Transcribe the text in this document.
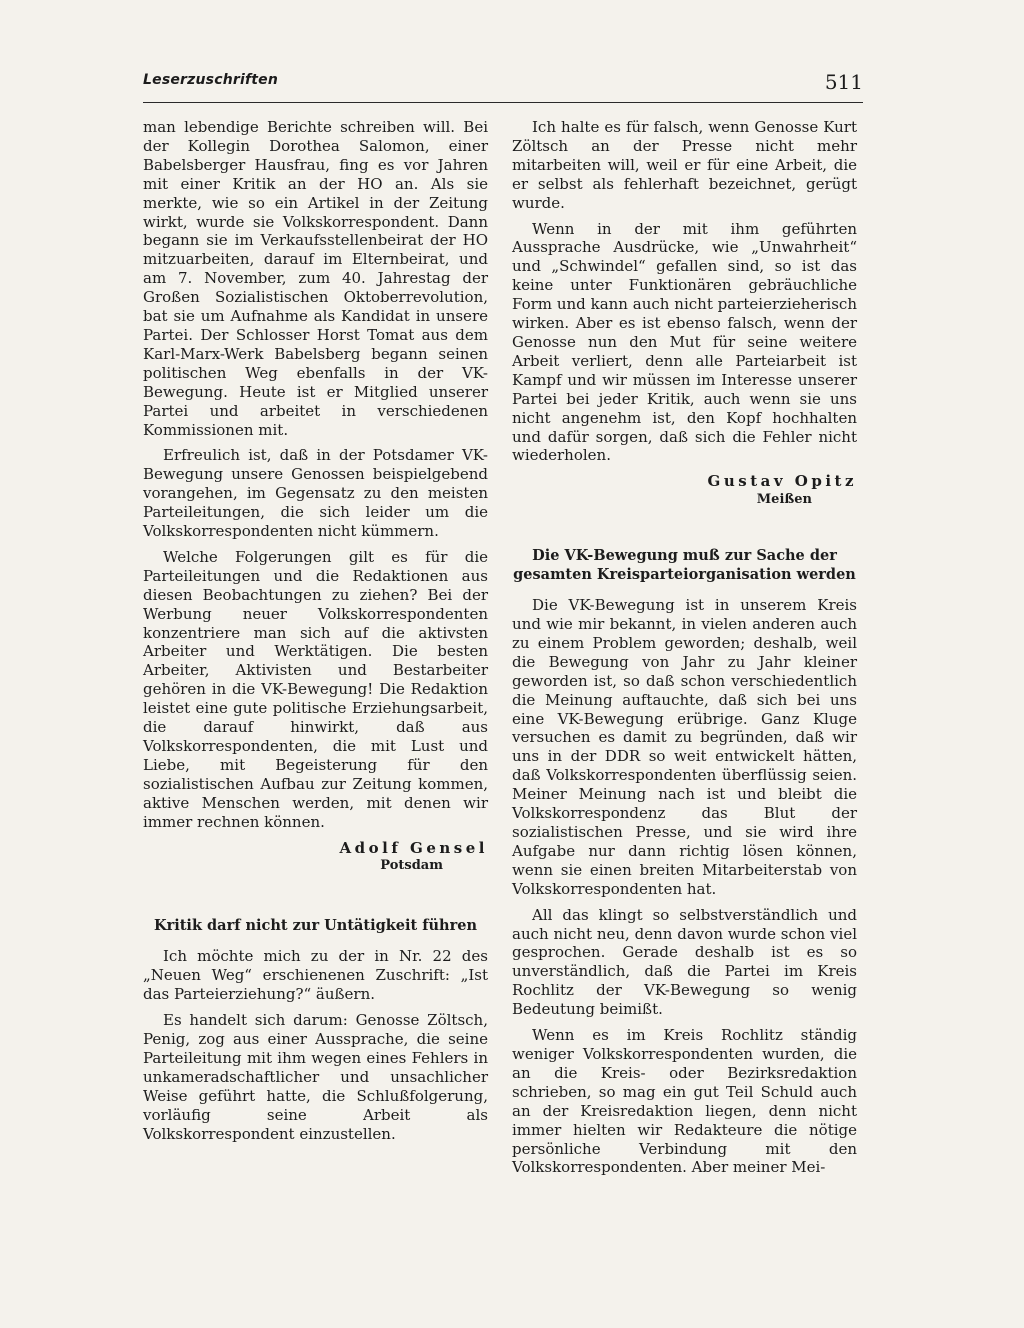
Leserzuschriften	511

man lebendige Berichte schreiben will. Bei der Kollegin Dorothea Salomon, einer Babelsberger Hausfrau, fing es vor Jahren mit einer Kritik an der HO an. Als sie merkte, wie so ein Artikel in der Zeitung wirkt, wurde sie Volkskorrespondent. Dann begann sie im Verkaufsstellenbeirat der HO mitzuarbeiten, darauf im Elternbeirat, und am 7. November, zum 40. Jahrestag der Großen Sozialistischen Oktoberrevolution, bat sie um Aufnahme als Kandidat in unsere Partei. Der Schlosser Horst Tomat aus dem Karl-Marx-Werk Babelsberg begann seinen politischen Weg ebenfalls in der VK-Bewegung. Heute ist er Mitglied unserer Partei und arbeitet in verschiedenen Kommissionen mit.

Erfreulich ist, daß in der Potsdamer VK-Bewegung unsere Genossen beispielgebend vorangehen, im Gegensatz zu den meisten Parteileitungen, die sich leider um die Volkskorrespondenten nicht kümmern.

Welche Folgerungen gilt es für die Parteileitungen und die Redaktionen aus diesen Beobachtungen zu ziehen? Bei der Werbung neuer Volkskorrespondenten konzentriere man sich auf die aktivsten Arbeiter und Werktätigen. Die besten Arbeiter, Aktivisten und Bestarbeiter gehören in die VK-Bewegung! Die Redaktion leistet eine gute politische Erziehungsarbeit, die darauf hinwirkt, daß aus Volkskorrespondenten, die mit Lust und Liebe, mit Begeisterung für den sozialistischen Aufbau zur Zeitung kommen, aktive Menschen werden, mit denen wir immer rechnen können.

Adolf Gensel
Potsdam
Kritik darf nicht zur Untätigkeit führen

Ich möchte mich zu der in Nr. 22 des „Neuen Weg“ erschienenen Zuschrift: „Ist das Parteierziehung?“ äußern.

Es handelt sich darum: Genosse Zöltsch, Penig, zog aus einer Aussprache, die seine Parteileitung mit ihm wegen eines Fehlers in unkameradschaftlicher und unsachlicher Weise geführt hatte, die Schlußfolgerung, vorläufig seine Arbeit als Volkskorrespondent einzustellen.

Ich halte es für falsch, wenn Genosse Kurt Zöltsch an der Presse nicht mehr mitarbeiten will, weil er für eine Arbeit, die er selbst als fehlerhaft bezeichnet, gerügt wurde.

Wenn in der mit ihm geführten Aussprache Ausdrücke, wie „Unwahrheit“ und „Schwindel“ gefallen sind, so ist das keine unter Funktionären gebräuchliche Form und kann auch nicht parteierzieherisch wirken. Aber es ist ebenso falsch, wenn der Genosse nun den Mut für seine weitere Arbeit verliert, denn alle Parteiarbeit ist Kampf und wir müssen im Interesse unserer Partei bei jeder Kritik, auch wenn sie uns nicht angenehm ist, den Kopf hochhalten und dafür sorgen, daß sich die Fehler nicht wiederholen.

Gustav Opitz
Meißen
Die VK-Bewegung muß zur Sache der
gesamten Kreisparteiorganisation werden

Die VK-Bewegung ist in unserem Kreis und wie mir bekannt, in vielen anderen auch zu einem Problem geworden; deshalb, weil die Bewegung von Jahr zu Jahr kleiner geworden ist, so daß schon verschiedentlich die Meinung auftauchte, daß sich bei uns eine VK-Bewegung erübrige. Ganz Kluge versuchen es damit zu begründen, daß wir uns in der DDR so weit entwickelt hätten, daß Volkskorrespondenten überflüssig seien. Meiner Meinung nach ist und bleibt die Volkskorrespondenz das Blut der sozialistischen Presse, und sie wird ihre Aufgabe nur dann richtig lösen können, wenn sie einen breiten Mitarbeiterstab von Volkskorrespondenten hat.

All das klingt so selbstverständlich und auch nicht neu, denn davon wurde schon viel gesprochen. Gerade deshalb ist es so unverständlich, daß die Partei im Kreis Rochlitz der VK-Bewegung so wenig Bedeutung beimißt.

Wenn es im Kreis Rochlitz ständig weniger Volkskorrespondenten wurden, die an die Kreis- oder Bezirksredaktion schrieben, so mag ein gut Teil Schuld auch an der Kreisredaktion liegen, denn nicht immer hielten wir Redakteure die nötige persönliche Verbindung mit den Volkskorrespondenten. Aber meiner Mei-
